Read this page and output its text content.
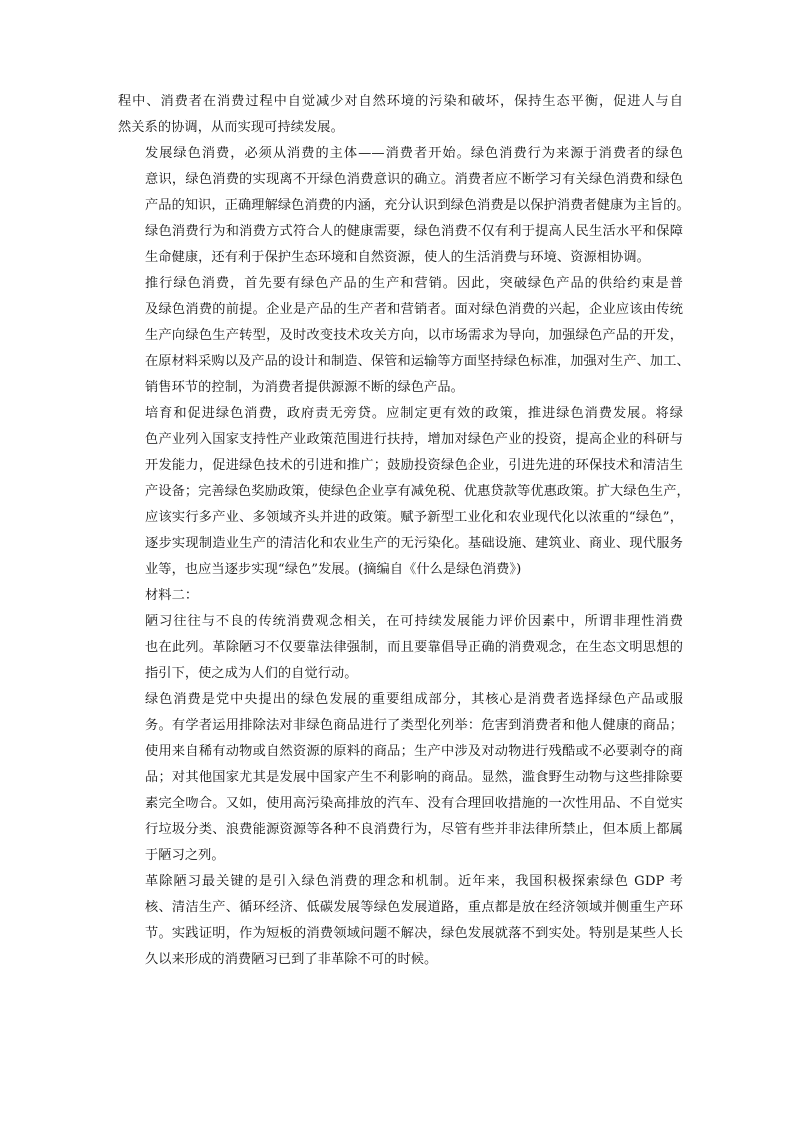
程中、消费者在消费过程中自觉减少对自然环境的污染和破坏，保持生态平衡，促进人与自
然关系的协调，从而实现可持续发展。

发展绿色消费，必须从消费的主体——消费者开始。绿色消费行为来源于消费者的绿色
意识，绿色消费的实现离不开绿色消费意识的确立。消费者应不断学习有关绿色消费和绿色
产品的知识，正确理解绿色消费的内涵，充分认识到绿色消费是以保护消费者健康为主旨的。
绿色消费行为和消费方式符合人的健康需要，绿色消费不仅有利于提高人民生活水平和保障
生命健康，还有利于保护生态环境和自然资源，使人的生活消费与环境、资源相协调。

推行绿色消费，首先要有绿色产品的生产和营销。因此，突破绿色产品的供给约束是普
及绿色消费的前提。企业是产品的生产者和营销者。面对绿色消费的兴起，企业应该由传统
生产向绿色生产转型，及时改变技术攻关方向，以市场需求为导向，加强绿色产品的开发，
在原材料采购以及产品的设计和制造、保管和运输等方面坚持绿色标准，加强对生产、加工、
销售环节的控制，为消费者提供源源不断的绿色产品。

培育和促进绿色消费，政府责无旁贷。应制定更有效的政策，推进绿色消费发展。将绿
色产业列入国家支持性产业政策范围进行扶持，增加对绿色产业的投资，提高企业的科研与
开发能力，促进绿色技术的引进和推广；鼓励投资绿色企业，引进先进的环保技术和清洁生
产设备；完善绿色奖励政策，使绿色企业享有减免税、优惠贷款等优惠政策。扩大绿色生产，
应该实行多产业、多领域齐头并进的政策。赋予新型工业化和农业现代化以浓重的“绿色”，
逐步实现制造业生产的清洁化和农业生产的无污染化。基础设施、建筑业、商业、现代服务
业等，也应当逐步实现“绿色”发展。(摘编自《什么是绿色消费》)

材料二：

陋习往往与不良的传统消费观念相关，在可持续发展能力评价因素中，所谓非理性消费
也在此列。革除陋习不仅要靠法律强制，而且要靠倡导正确的消费观念，在生态文明思想的
指引下，使之成为人们的自觉行动。

绿色消费是党中央提出的绿色发展的重要组成部分，其核心是消费者选择绿色产品或服
务。有学者运用排除法对非绿色商品进行了类型化列举：危害到消费者和他人健康的商品；
使用来自稀有动物或自然资源的原料的商品；生产中涉及对动物进行残酷或不必要剥夺的商
品；对其他国家尤其是发展中国家产生不利影响的商品。显然，滥食野生动物与这些排除要
素完全吻合。又如，使用高污染高排放的汽车、没有合理回收措施的一次性用品、不自觉实
行垃圾分类、浪费能源资源等各种不良消费行为，尽管有些并非法律所禁止，但本质上都属
于陋习之列。

革除陋习最关键的是引入绿色消费的理念和机制。近年来，我国积极探索绿色 GDP 考
核、清洁生产、循环经济、低碳发展等绿色发展道路，重点都是放在经济领域并侧重生产环
节。实践证明，作为短板的消费领域问题不解决，绿色发展就落不到实处。特别是某些人长
久以来形成的消费陋习已到了非革除不可的时候。
